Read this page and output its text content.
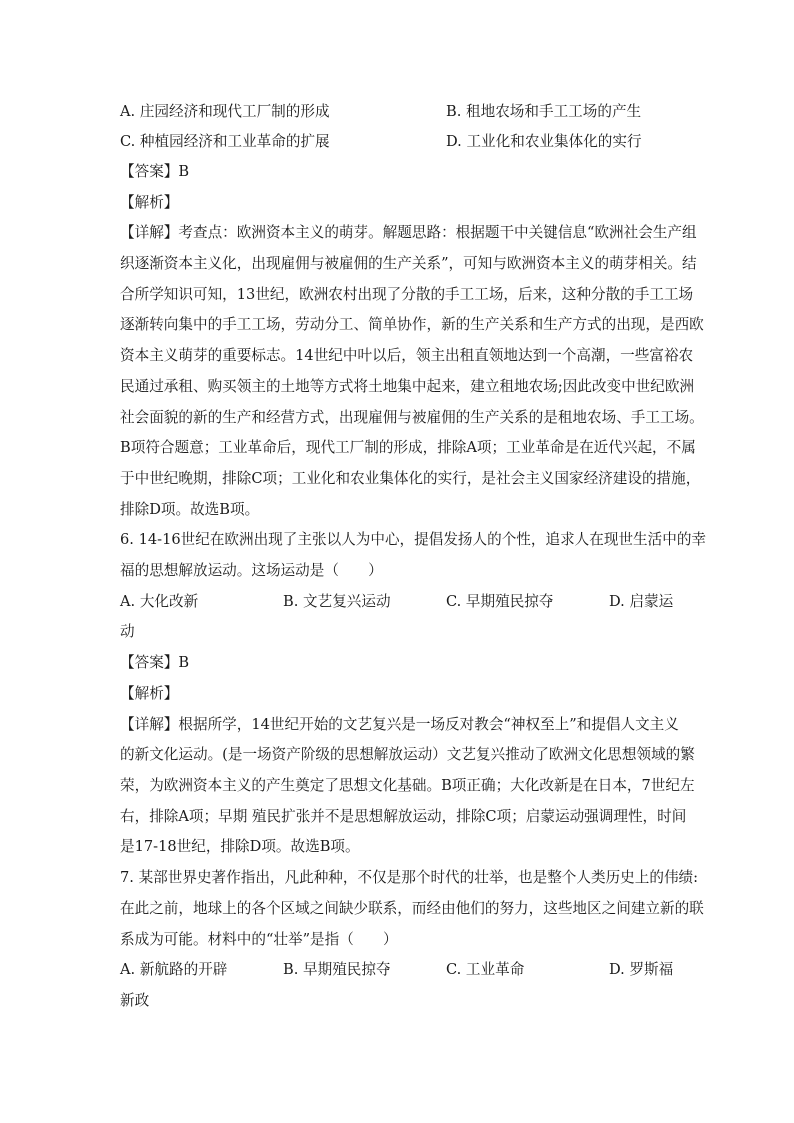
A. 庄园经济和现代工厂制的形成	B. 租地农场和手工工场的产生
C. 种植园经济和工业革命的扩展	D. 工业化和农业集体化的实行
【答案】B
【解析】
【详解】考查点：欧洲资本主义的萌芽。解题思路：根据题干中关键信息“欧洲社会生产组
织逐渐资本主义化，出现雇佣与被雇佣的生产关系”，可知与欧洲资本主义的萌芽相关。结
合所学知识可知，13世纪，欧洲农村出现了分散的手工工场，后来，这种分散的手工工场
逐渐转向集中的手工工场，劳动分工、简单协作，新的生产关系和生产方式的出现，是西欧
资本主义萌芽的重要标志。14世纪中叶以后，领主出租直领地达到一个高潮，一些富裕农
民通过承租、购买领主的土地等方式将土地集中起来，建立租地农场;因此改变中世纪欧洲
社会面貌的新的生产和经营方式，出现雇佣与被雇佣的生产关系的是租地农场、手工工场。
B项符合题意；工业革命后，现代工厂制的形成，排除A项；工业革命是在近代兴起，不属
于中世纪晚期，排除C项；工业化和农业集体化的实行，是社会主义国家经济建设的措施，
排除D项。故选B项。
6. 14-16世纪在欧洲出现了主张以人为中心，提倡发扬人的个性，追求人在现世生活中的幸
福的思想解放运动。这场运动是（　　）
A. 大化改新	B. 文艺复兴运动	C. 早期殖民掠夺	D. 启蒙运
动
【答案】B
【解析】
【详解】根据所学，14世纪开始的文艺复兴是一场反对教会“神权至上”和提倡人文主义
的新文化运动。(是一场资产阶级的思想解放运动）文艺复兴推动了欧洲文化思想领域的繁
荣，为欧洲资本主义的产生奠定了思想文化基础。B项正确；大化改新是在日本，7世纪左
右，排除A项；早期 殖民扩张并不是思想解放运动，排除C项；启蒙运动强调理性，时间
是17-18世纪，排除D项。故选B项。
7. 某部世界史著作指出，凡此种种，不仅是那个时代的壮举，也是整个人类历史上的伟绩:
在此之前，地球上的各个区域之间缺少联系，而经由他们的努力，这些地区之间建立新的联
系成为可能。材料中的“壮举”是指（　　）
A. 新航路的开辟	B. 早期殖民掠夺	C. 工业革命	D. 罗斯福
新政
